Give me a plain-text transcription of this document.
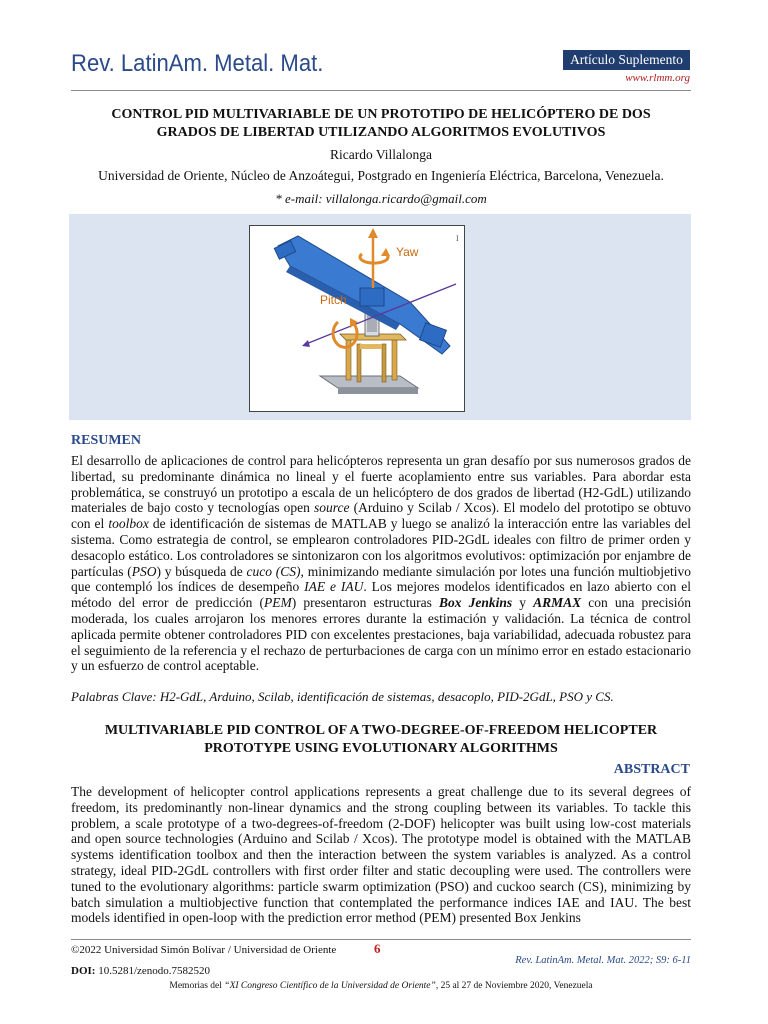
Rev. LatinAm. Metal. Mat.	Artículo Suplemento
www.rlmm.org
CONTROL PID MULTIVARIABLE DE UN PROTOTIPO DE HELICÓPTERO DE DOS
GRADOS DE LIBERTAD UTILIZANDO ALGORITMOS EVOLUTIVOS
Ricardo Villalonga
Universidad de Oriente, Núcleo de Anzoátegui, Postgrado en Ingeniería Eléctrica, Barcelona, Venezuela.
* e-mail: villalonga.ricardo@gmail.com
Yaw
Pitch
I
RESUMEN
El desarrollo de aplicaciones de control para helicópteros representa un gran desafío por sus numerosos grados de libertad, su predominante dinámica no lineal y el fuerte acoplamiento entre sus variables. Para abordar esta problemática, se construyó un prototipo a escala de un helicóptero de dos grados de libertad (H2-GdL) utilizando materiales de bajo costo y tecnologías open source (Arduino y Scilab / Xcos). El modelo del prototipo se obtuvo con el toolbox de identificación de sistemas de MATLAB y luego se analizó la interacción entre las variables del sistema. Como estrategia de control, se emplearon controladores PID-2GdL ideales con filtro de primer orden y desacoplo estático. Los controladores se sintonizaron con los algoritmos evolutivos: optimización por enjambre de partículas (PSO) y búsqueda de cuco (CS), minimizando mediante simulación por lotes una función multiobjetivo que contempló los índices de desempeño IAE e IAU. Los mejores modelos identificados en lazo abierto con el método del error de predicción (PEM) presentaron estructuras Box Jenkins y ARMAX con una precisión moderada, los cuales arrojaron los menores errores durante la estimación y validación. La técnica de control aplicada permite obtener controladores PID con excelentes prestaciones, baja variabilidad, adecuada robustez para el seguimiento de la referencia y el rechazo de perturbaciones de carga con un mínimo error en estado estacionario y un esfuerzo de control aceptable.
Palabras Clave: H2-GdL, Arduino, Scilab, identificación de sistemas, desacoplo, PID-2GdL, PSO y CS.
MULTIVARIABLE PID CONTROL OF A TWO-DEGREE-OF-FREEDOM HELICOPTER
PROTOTYPE USING EVOLUTIONARY ALGORITHMS
ABSTRACT
The development of helicopter control applications represents a great challenge due to its several degrees of freedom, its predominantly non-linear dynamics and the strong coupling between its variables. To tackle this problem, a scale prototype of a two-degrees-of-freedom (2-DOF) helicopter was built using low-cost materials and open source technologies (Arduino and Scilab / Xcos). The prototype model is obtained with the MATLAB systems identification toolbox and then the interaction between the system variables is analyzed. As a control strategy, ideal PID-2GdL controllers with first order filter and static decoupling were used. The controllers were tuned to the evolutionary algorithms: particle swarm optimization (PSO) and cuckoo search (CS), minimizing by batch simulation a multiobjective function that contemplated the performance indices IAE and IAU. The best models identified in open-loop with the prediction error method (PEM) presented Box Jenkins
©2022 Universidad Simón Bolívar / Universidad de Oriente	6
Rev. LatinAm. Metal. Mat. 2022; S9: 6-11
DOI: 10.5281/zenodo.7582520
Memorias del “XI Congreso Científico de la Universidad de Oriente”, 25 al 27 de Noviembre 2020, Venezuela
